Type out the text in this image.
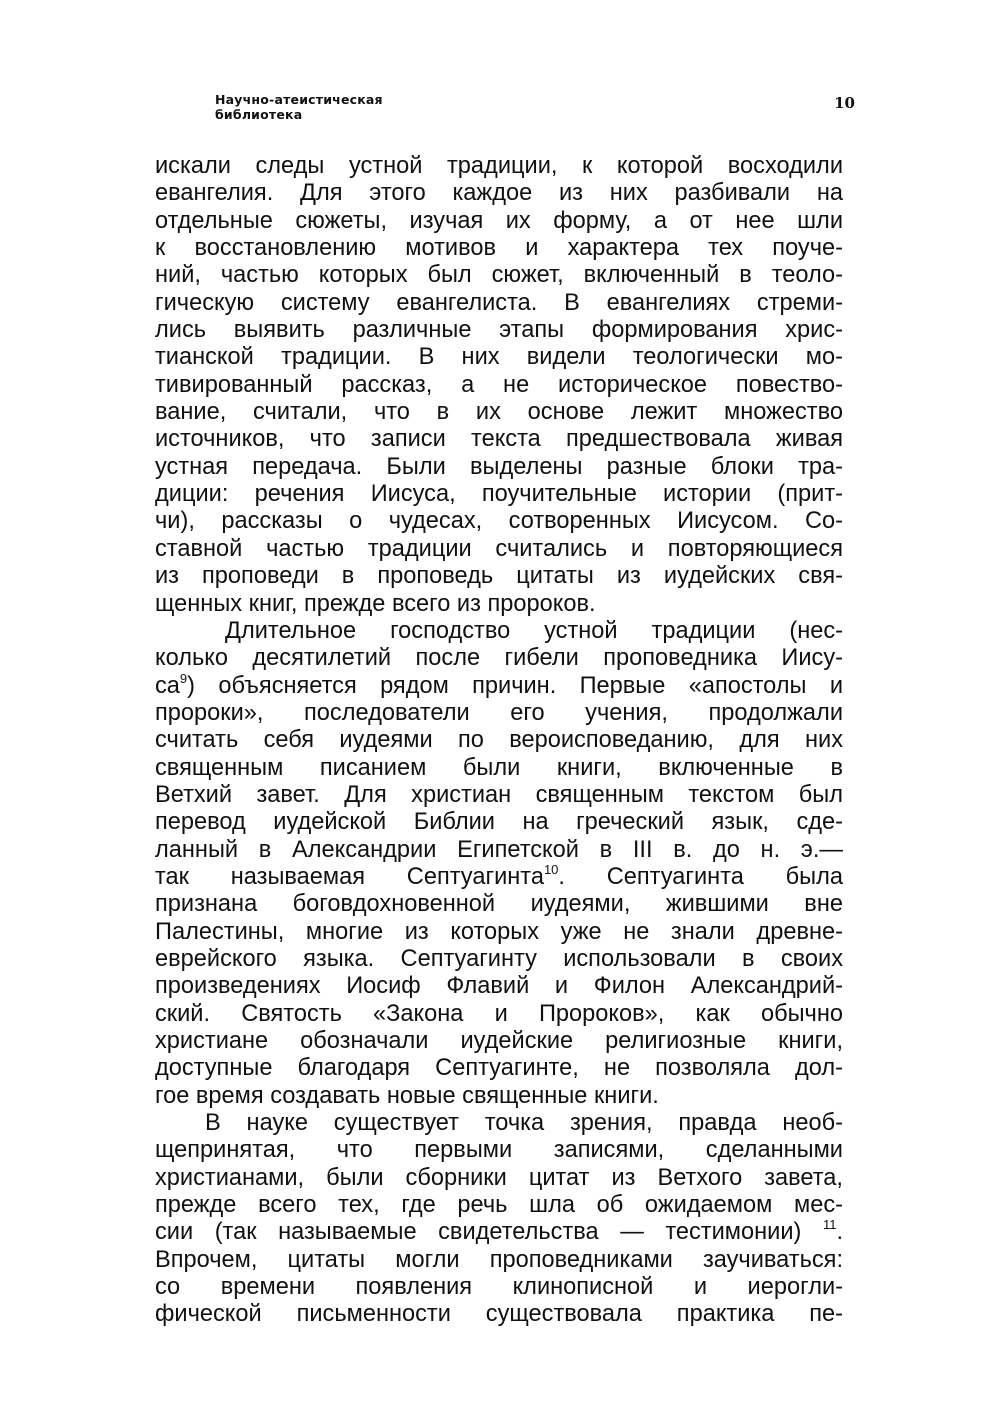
Научно-атеистическая
библиотека
10
искали следы устной традиции, к которой восходили
евангелия. Для этого каждое из них разбивали на
отдельные сюжеты, изучая их форму, а от нее шли
к восстановлению мотивов и характера тех поуче-
ний, частью которых был сюжет, включенный в теоло-
гическую систему евангелиста. В евангелиях стреми-
лись выявить различные этапы формирования хрис-
тианской традиции. В них видели теологически мо-
тивированный рассказ, а не историческое повество-
вание, считали, что в их основе лежит множество
источников, что записи текста предшествовала живая
устная передача. Были выделены разные блоки тра-
диции: речения Иисуса, поучительные истории (прит-
чи), рассказы о чудесах, сотворенных Иисусом. Со-
ставной частью традиции считались и повторяющиеся
из проповеди в проповедь цитаты из иудейских свя-
щенных книг, прежде всего из пророков.
Длительное господство устной традиции (нес-
колько десятилетий после гибели проповедника Иису-
$са^9$) объясняется рядом причин. Первые «апостолы и
пророки», последователи его учения, продолжали
считать себя иудеями по вероисповеданию, для них
священным писанием были книги, включенные в
Ветхий завет. Для христиан священным текстом был
перевод иудейской Библии на греческий язык, сде-
ланный в Александрии Египетской в III в. до н. э.—
так называемая Септуагинта$^{10}$. Септуагинта была
признана боговдохновенной иудеями, жившими вне
Палестины, многие из которых уже не знали древне-
еврейского языка. Септуагинту использовали в своих
произведениях Иосиф Флавий и Филон Александрий-
ский. Святость «Закона и Пророков», как обычно
христиане обозначали иудейские религиозные книги,
доступные благодаря Септуагинте, не позволяла дол-
гое время создавать новые священные книги.
В науке существует точка зрения, правда необ-
щепринятая, что первыми записями, сделанными
христианами, были сборники цитат из Ветхого завета,
прежде всего тех, где речь шла об ожидаемом мес-
сии (так называемые свидетельства — тестимонии) $^{11}$.
Впрочем, цитаты могли проповедниками заучиваться:
со времени появления клинописной и иерогли-
фической письменности существовала практика пе-
